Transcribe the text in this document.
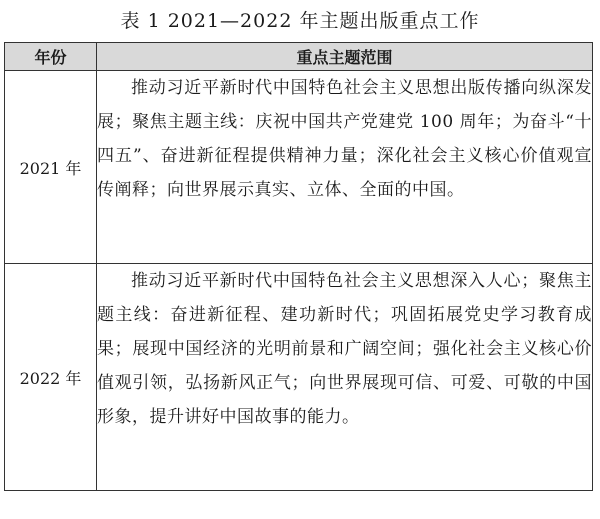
表 1 2021—2022 年主题出版重点工作
年份	重点主题范围
2021 年	推动习近平新时代中国特色社会主义思想出版传播向纵深发展；聚焦主题主线：庆祝中国共产党建党 100 周年；为奋斗“十四五”、奋进新征程提供精神力量；深化社会主义核心价值观宣传阐释；向世界展示真实、立体、全面的中国。
2022 年	推动习近平新时代中国特色社会主义思想深入人心；聚焦主题主线：奋进新征程、建功新时代；巩固拓展党史学习教育成果；展现中国经济的光明前景和广阔空间；强化社会主义核心价值观引领，弘扬新风正气；向世界展现可信、可爱、可敬的中国形象，提升讲好中国故事的能力。
